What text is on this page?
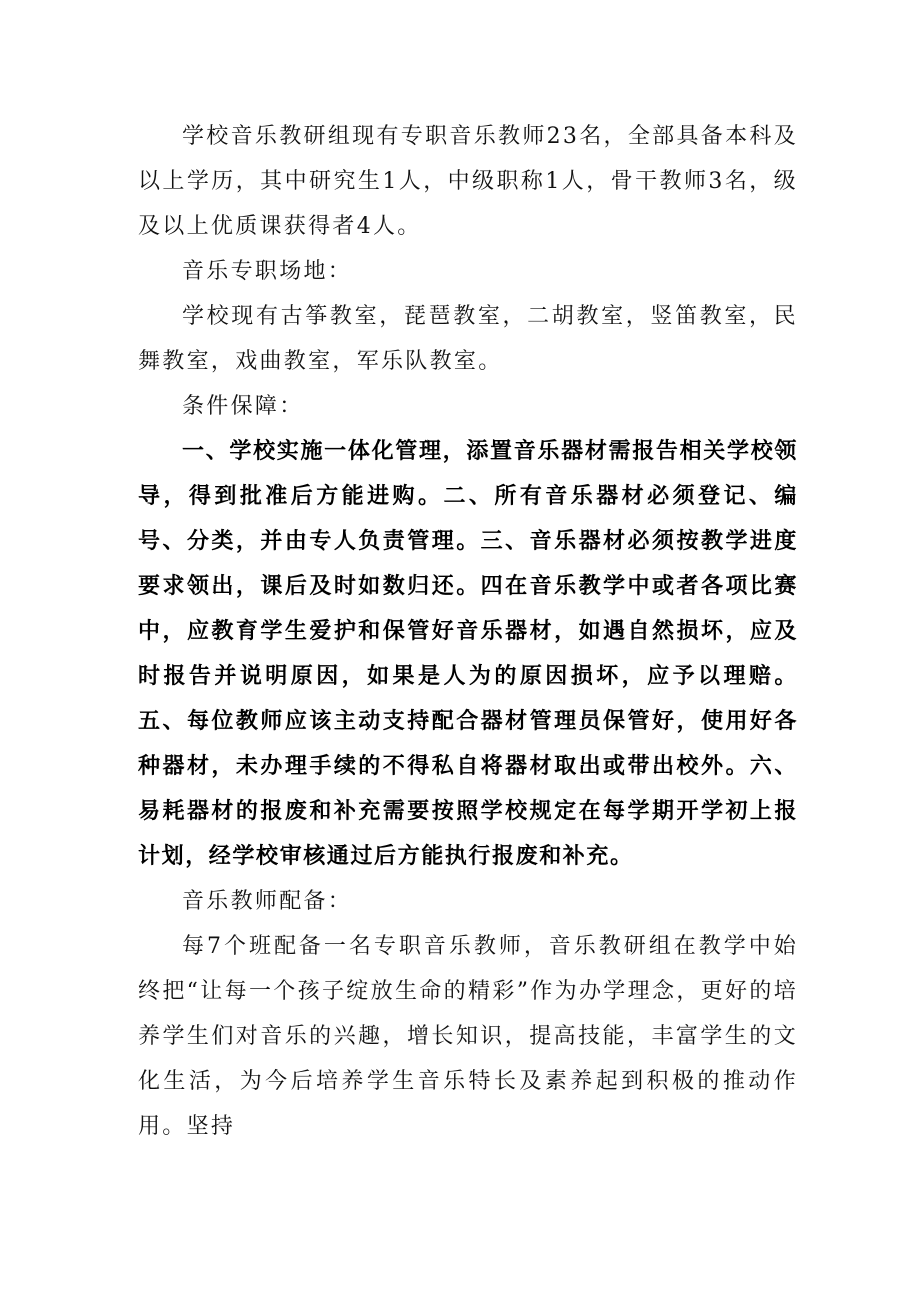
学校音乐教研组现有专职音乐教师23名，全部具备本科及以上学历，其中研究生1人，中级职称1人，骨干教师3名，级及以上优质课获得者4人。

音乐专职场地：

学校现有古筝教室，琵琶教室，二胡教室，竖笛教室，民舞教室，戏曲教室，军乐队教室。

条件保障：

一、学校实施一体化管理，添置音乐器材需报告相关学校领导，得到批准后方能进购。二、所有音乐器材必须登记、编号、分类，并由专人负责管理。三、音乐器材必须按教学进度要求领出，课后及时如数归还。四在音乐教学中或者各项比赛中，应教育学生爱护和保管好音乐器材，如遇自然损坏，应及时报告并说明原因，如果是人为的原因损坏，应予以理赔。五、每位教师应该主动支持配合器材管理员保管好，使用好各种器材，未办理手续的不得私自将器材取出或带出校外。六、易耗器材的报废和补充需要按照学校规定在每学期开学初上报计划，经学校审核通过后方能执行报废和补充。

音乐教师配备：

每7个班配备一名专职音乐教师，音乐教研组在教学中始终把“让每一个孩子绽放生命的精彩”作为办学理念，更好的培养学生们对音乐的兴趣，增长知识，提高技能，丰富学生的文化生活，为今后培养学生音乐特长及素养起到积极的推动作用。坚持
